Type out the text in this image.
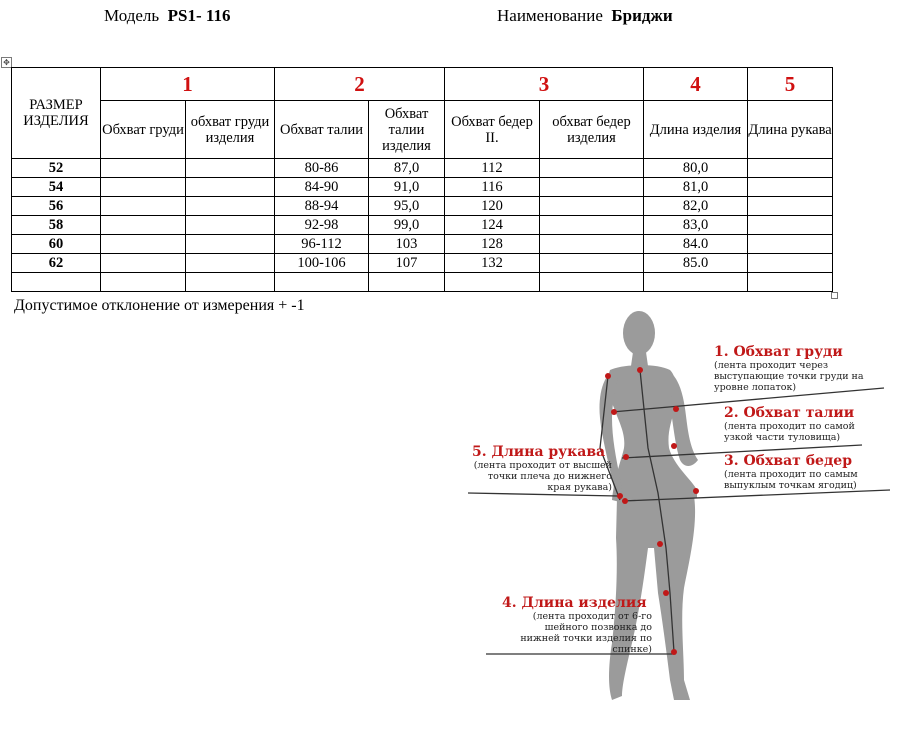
Модель PS1- 116	Наименование Бриджи
✥
РАЗМЕР ИЗДЕЛИЯ	1		2		3		4	5
	Обхват груди	обхват груди изделия	Обхват талии	Обхват талии изделия	Обхват бедер II.	обхват бедер изделия	Длина изделия	Длина рукава
52			80-86	87,0	112		80,0	
54			84-90	91,0	116		81,0	
56			88-94	95,0	120		82,0	
58			92-98	99,0	124		83,0	
60			96-112	103	128		84.0	
62			100-106	107	132		85.0	

Допустимое отклонение от измерения + -1
1. Обхват груди
(лента проходит через выступающие точки груди на уровне лопаток)
2. Обхват талии
(лента проходит по самой узкой части туловища)
3. Обхват бедер
(лента проходит по самым выпуклым точкам ягодиц)
5. Длина рукава
(лента проходит от высшей точки плеча до нижнего края рукава)
4. Длина изделия
(лента проходит от 6-го шейного позвонка до нижней точки изделия по спинке)
